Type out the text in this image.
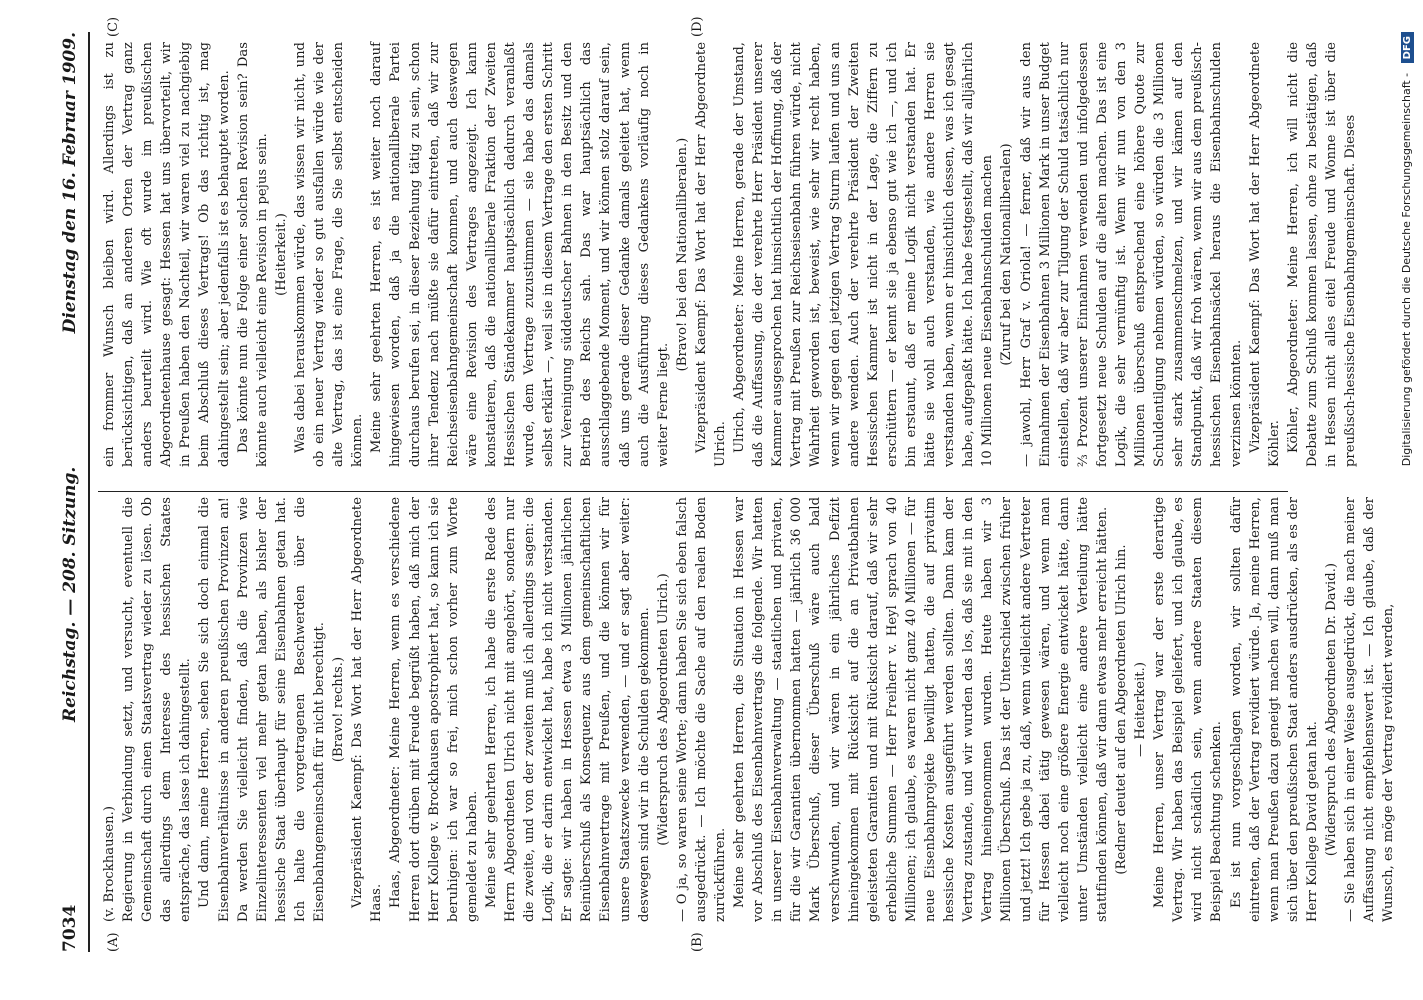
7034
Reichstag. — 208. Sitzung.
Dienstag den 16. Februar 1909.
(A)	(B)
(C)	(D)

(v. Brockhausen.) Regierung in Verbindung setzt, und versucht, eventuell die Gemeinschaft durch einen Staatsvertrag wieder zu lösen. Ob das allerdings dem Interesse des hessischen Staates entspräche, das lasse ich dahingestellt. Und dann, meine Herren, sehen Sie sich doch einmal die Eisenbahnverhältnisse in anderen preußischen Provinzen an! Da werden Sie vielleicht finden, daß die Provinzen wie Einzelinteressenten viel mehr getan haben, als bisher der hessische Staat überhaupt für seine Eisenbahnen getan hat. Ich halte die vorgetragenen Beschwerden über die Eisenbahngemeinschaft für nicht berechtigt. (Bravo! rechts.) Vizepräsident Kaempf: Das Wort hat der Herr Abgeordnete Haas. Haas, Abgeordneter: Meine Herren, wenn es verschiedene Herren dort drüben mit Freude begrüßt haben, daß mich der Herr Kollege v. Brockhausen apostrophiert hat, so kann ich sie beruhigen: ich war so frei, mich schon vorher zum Worte gemeldet zu haben. Meine sehr geehrten Herren, ich habe die erste Rede des Herrn Abgeordneten Ulrich nicht mit angehört, sondern nur die zweite, und von der zweiten muß ich allerdings sagen: die Logik, die er darin entwickelt hat, habe ich nicht verstanden. Er sagte: wir haben in Hessen etwa 3 Millionen jährlichen Reinüberschuß als Konsequenz aus dem gemeinschaftlichen Eisenbahnvertrage mit Preußen, und die können wir für unsere Staatszwecke verwenden, — und er sagt aber weiter: deswegen sind wir in die Schulden gekommen. (Widerspruch des Abgeordneten Ulrich.) — O ja, so waren seine Worte; dann haben Sie sich eben falsch ausgedrückt. — Ich möchte die Sache auf den realen Boden zurückführen. Meine sehr geehrten Herren, die Situation in Hessen war vor Abschluß des Eisenbahnvertrags die folgende. Wir hatten in unserer Eisenbahnverwaltung — staatlichen und privaten, für die wir Garantien übernommen hatten — jährlich 36 000 Mark Überschuß, dieser Überschuß wäre auch bald verschwunden, und wir wären in ein jährliches Defizit hineingekommen mit Rücksicht auf die an Privatbahnen geleisteten Garantien und mit Rücksicht darauf, daß wir sehr erhebliche Summen — Herr Freiherr v. Heyl sprach von 40 Millionen; ich glaube, es waren nicht ganz 40 Millionen — für neue Eisenbahnprojekte bewilligt hatten, die auf privatim hessische Kosten ausgeführt werden sollten. Dann kam der Vertrag zustande, und wir wurden das los, daß sie mit in den Vertrag hineingenommen wurden. Heute haben wir 3 Millionen Überschuß. Das ist der Unterschied zwischen früher und jetzt! Ich gebe ja zu, daß, wenn vielleicht andere Vertreter für Hessen dabei tätig gewesen wären, und wenn man vielleicht noch eine größere Energie entwickelt hätte, dann unter Umständen vielleicht eine andere Verteilung hätte stattfinden können, daß wir dann etwas mehr erreicht hätten. (Redner deutet auf den Abgeordneten Ulrich hin. — Heiterkeit.) Meine Herren, unser Vertrag war der erste derartige Vertrag. Wir haben das Beispiel geliefert, und ich glaube, es wird nicht schädlich sein, wenn andere Staaten diesem Beispiel Beachtung schenken. Es ist nun vorgeschlagen worden, wir sollten dafür eintreten, daß der Vertrag revidiert würde. Ja, meine Herren, wenn man Preußen dazu geneigt machen will, dann muß man sich über den preußischen Staat anders ausdrücken, als es der Herr Kollege David getan hat. (Widerspruch des Abgeordneten Dr. David.) — Sie haben sich in einer Weise ausgedrückt, die nach meiner Auffassung nicht empfehlenswert ist. — Ich glaube, daß der Wunsch, es möge der Vertrag revidiert werden,

ein frommer Wunsch bleiben wird. Allerdings ist zu berücksichtigen, daß an anderen Orten der Vertrag ganz anders beurteilt wird. Wie oft wurde im preußischen Abgeordnetenhause gesagt: Hessen hat uns übervorteilt, wir in Preußen haben den Nachteil, wir waren viel zu nachgiebig beim Abschluß dieses Vertrags! Ob das richtig ist, mag dahingestellt sein; aber jedenfalls ist es behauptet worden. Das könnte nun die Folge einer solchen Revision sein? Das könnte auch vielleicht eine Revision in pejus sein. (Heiterkeit.) Was dabei herauskommen würde, das wissen wir nicht, und ob ein neuer Vertrag wieder so gut ausfallen würde wie der alte Vertrag, das ist eine Frage, die Sie selbst entscheiden können. Meine sehr geehrten Herren, es ist weiter noch darauf hingewiesen worden, daß ja die nationalliberale Partei durchaus berufen sei, in dieser Beziehung tätig zu sein, schon ihrer Tendenz nach müßte sie dafür eintreten, daß wir zur Reichseisenbahngemeinschaft kommen, und auch deswegen wäre eine Revision des Vertrages angezeigt. Ich kann konstatieren, daß die nationalliberale Fraktion der Zweiten Hessischen Ständekammer hauptsächlich dadurch veranlaßt wurde, dem Vertrage zuzustimmen — sie habe das damals selbst erklärt —, weil sie in diesem Vertrage den ersten Schritt zur Vereinigung süddeutscher Bahnen in den Besitz und den Betrieb des Reichs sah. Das war hauptsächlich das ausschlaggebende Moment, und wir können stolz darauf sein, daß uns gerade dieser Gedanke damals geleitet hat, wenn auch die Ausführung dieses Gedankens vorläufig noch in weiter Ferne liegt.

(Bravo! bei den Nationalliberalen.) Vizepräsident Kaempf: Das Wort hat der Herr Abgeordnete Ulrich. Ulrich, Abgeordneter: Meine Herren, gerade der Umstand, daß die Auffassung, die der verehrte Herr Präsident unserer Kammer ausgesprochen hat hinsichtlich der Hoffnung, daß der Vertrag mit Preußen zur Reichseisenbahn führen würde, nicht Wahrheit geworden ist, beweist, wie sehr wir recht haben, wenn wir gegen den jetzigen Vertrag Sturm laufen und uns an andere wenden. Auch der verehrte Präsident der Zweiten Hessischen Kammer ist nicht in der Lage, die Ziffern zu erschüttern — er kennt sie ja ebenso gut wie ich —, und ich bin erstaunt, daß er meine Logik nicht verstanden hat. Er hätte sie wohl auch verstanden, wie andere Herren sie verstanden haben, wenn er hinsichtlich dessen, was ich gesagt habe, aufgepaßt hätte. Ich habe festgestellt, daß wir alljährlich 10 Millionen neue Eisenbahnschulden machen (Zuruf bei den Nationalliberalen) — jawohl, Herr Graf v. Oriola! — ferner, daß wir aus den Einnahmen der Eisenbahnen 3 Millionen Mark in unser Budget einstellen, daß wir aber zur Tilgung der Schuld tatsächlich nur ⅔ Prozent unserer Einnahmen verwenden und infolgedessen fortgesetzt neue Schulden auf die alten machen. Das ist eine Logik, die sehr vernünftig ist. Wenn wir nun von den 3 Millionen überschuß entsprechend eine höhere Quote zur Schuldentilgung nehmen würden, so würden die 3 Millionen sehr stark zusammenschmelzen, und wir kämen auf den Standpunkt, daß wir froh wären, wenn wir aus dem preußisch-hessischen Eisenbahnsäckel heraus die Eisenbahnschulden verzinsen könnten. Vizepräsident Kaempf: Das Wort hat der Herr Abgeordnete Köhler. Köhler, Abgeordneter: Meine Herren, ich will nicht die Debatte zum Schluß kommen lassen, ohne zu bestätigen, daß in Hessen nicht alles eitel Freude und Wonne ist über die preußisch-hessische Eisenbahngemeinschaft. Dieses	Digitalisierung gefördert durch die Deutsche Forschungsgemeinschaft - DFG
